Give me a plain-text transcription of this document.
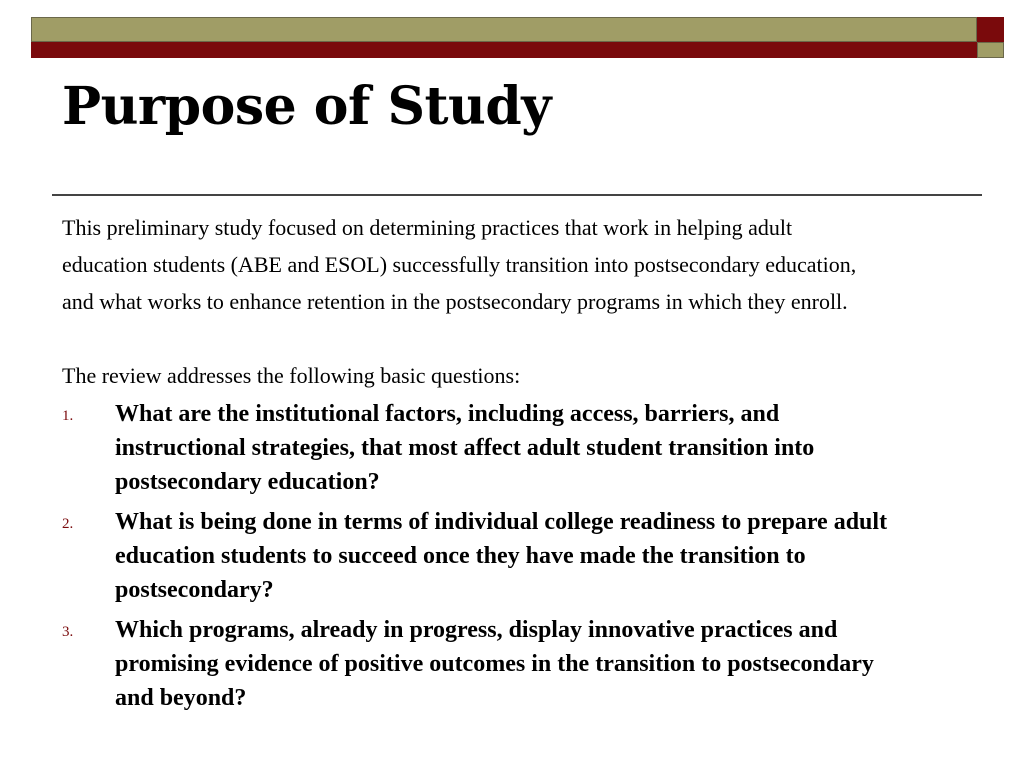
Purpose of Study

This preliminary study focused on determining practices that work in helping adult education students (ABE and ESOL) successfully transition into postsecondary education, and what works to enhance retention in the postsecondary programs in which they enroll.

The review addresses the following basic questions:

1. What are the institutional factors, including access, barriers, and instructional strategies, that most affect adult student transition into postsecondary education?
2. What is being done in terms of individual college readiness to prepare adult education students to succeed once they have made the transition to postsecondary?
3. Which programs, already in progress, display innovative practices and promising evidence of positive outcomes in the transition to postsecondary and beyond?
